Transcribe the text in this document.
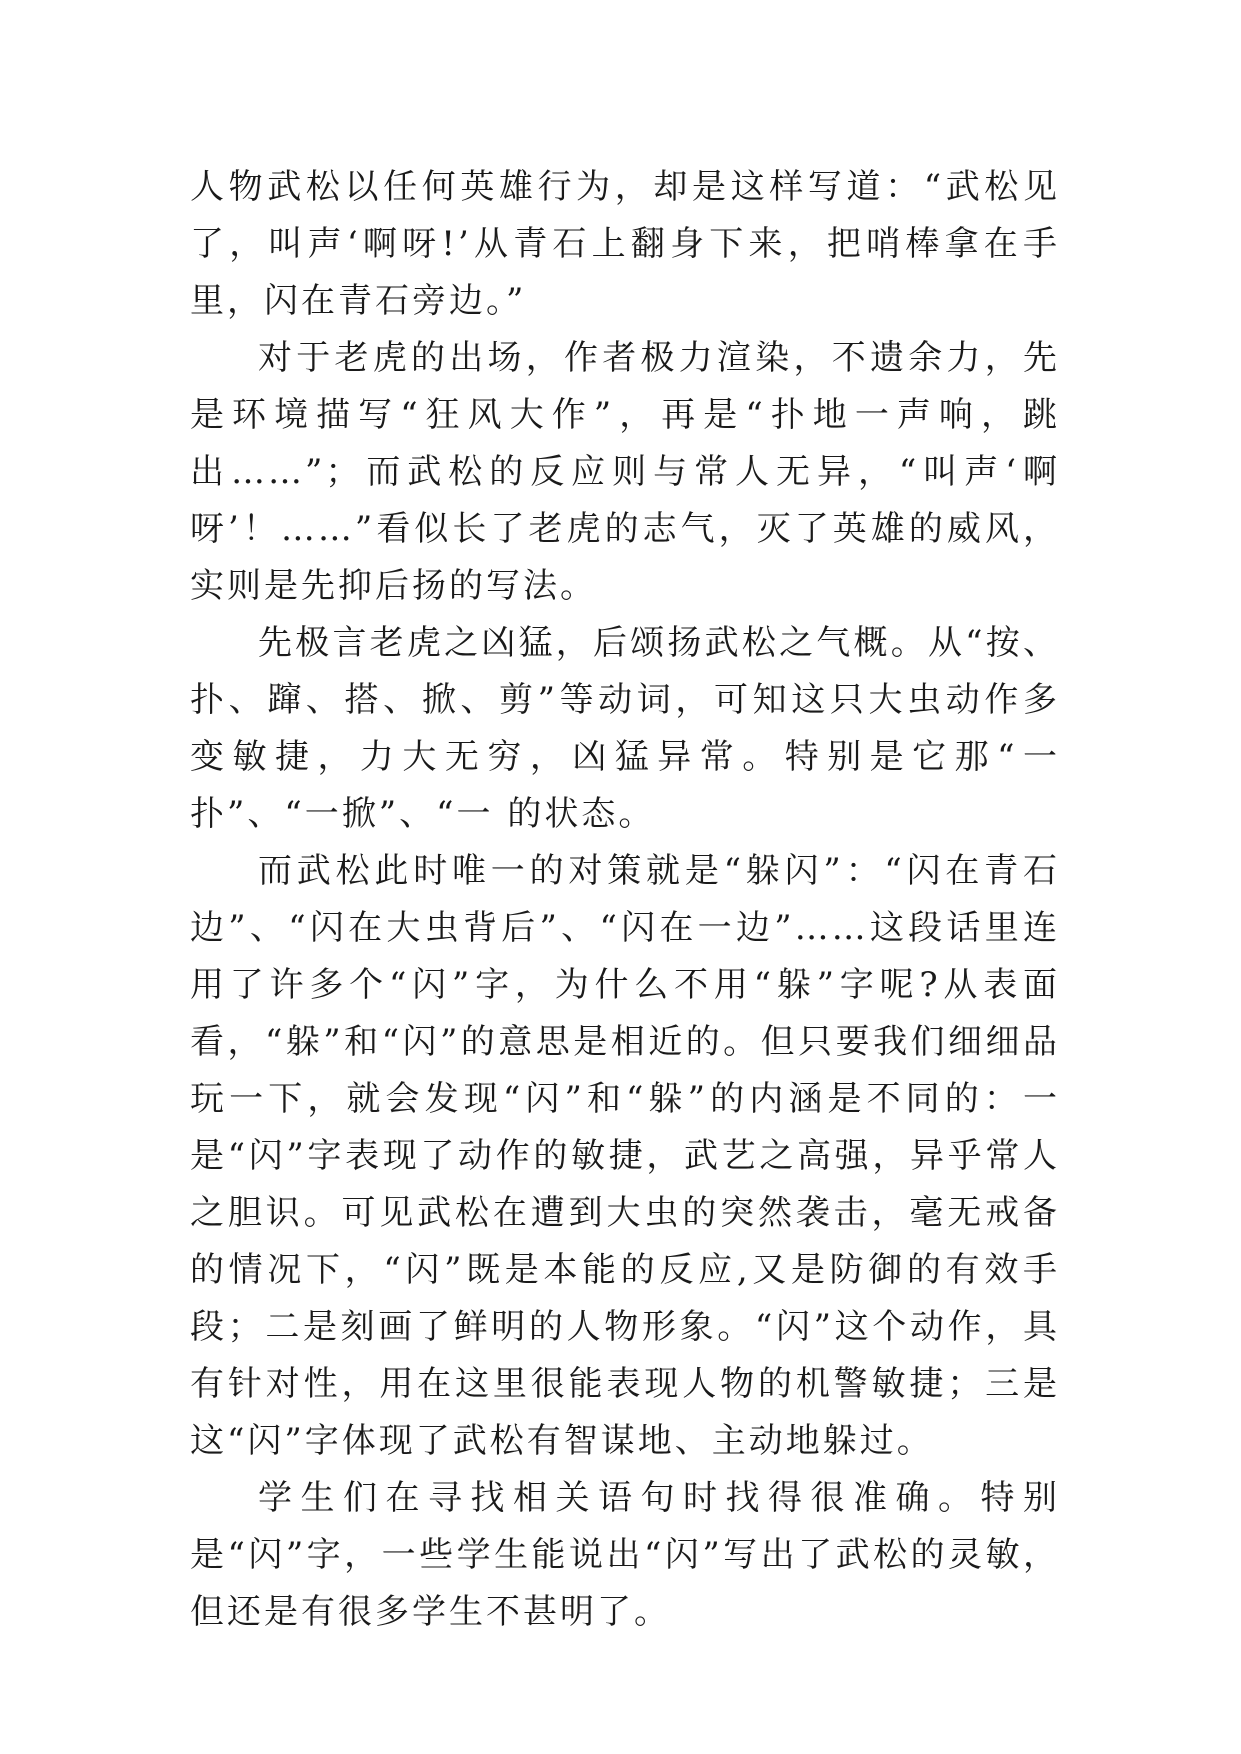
人物武松以任何英雄行为，却是这样写道：“武松见了，叫声‘啊呀!’从青石上翻身下来，把哨棒拿在手里，闪在青石旁边。”

对于老虎的出场，作者极力渲染，不遗余力，先是环境描写“狂风大作”，再是“扑地一声响，跳出……”；而武松的反应则与常人无异，“叫声‘啊呀’！……”看似长了老虎的志气，灭了英雄的威风，实则是先抑后扬的写法。

先极言老虎之凶猛，后颂扬武松之气概。从“按、扑、蹿、搭、掀、剪”等动词，可知这只大虫动作多变敏捷，力大无穷，凶猛异常。特别是它那“一扑”、“一掀”、“一 的状态。

而武松此时唯一的对策就是“躲闪”：“闪在青石边”、“闪在大虫背后”、“闪在一边”……这段话里连用了许多个“闪”字，为什么不用“躲”字呢?从表面看，“躲”和“闪”的意思是相近的。但只要我们细细品玩一下，就会发现“闪”和“躲”的内涵是不同的：一是“闪”字表现了动作的敏捷，武艺之高强，异乎常人之胆识。可见武松在遭到大虫的突然袭击，毫无戒备的情况下，“闪”既是本能的反应,又是防御的有效手段；二是刻画了鲜明的人物形象。“闪”这个动作，具有针对性，用在这里很能表现人物的机警敏捷；三是这“闪”字体现了武松有智谋地、主动地躲过。

学生们在寻找相关语句时找得很准确。特别是“闪”字，一些学生能说出“闪”写出了武松的灵敏，但还是有很多学生不甚明了。
